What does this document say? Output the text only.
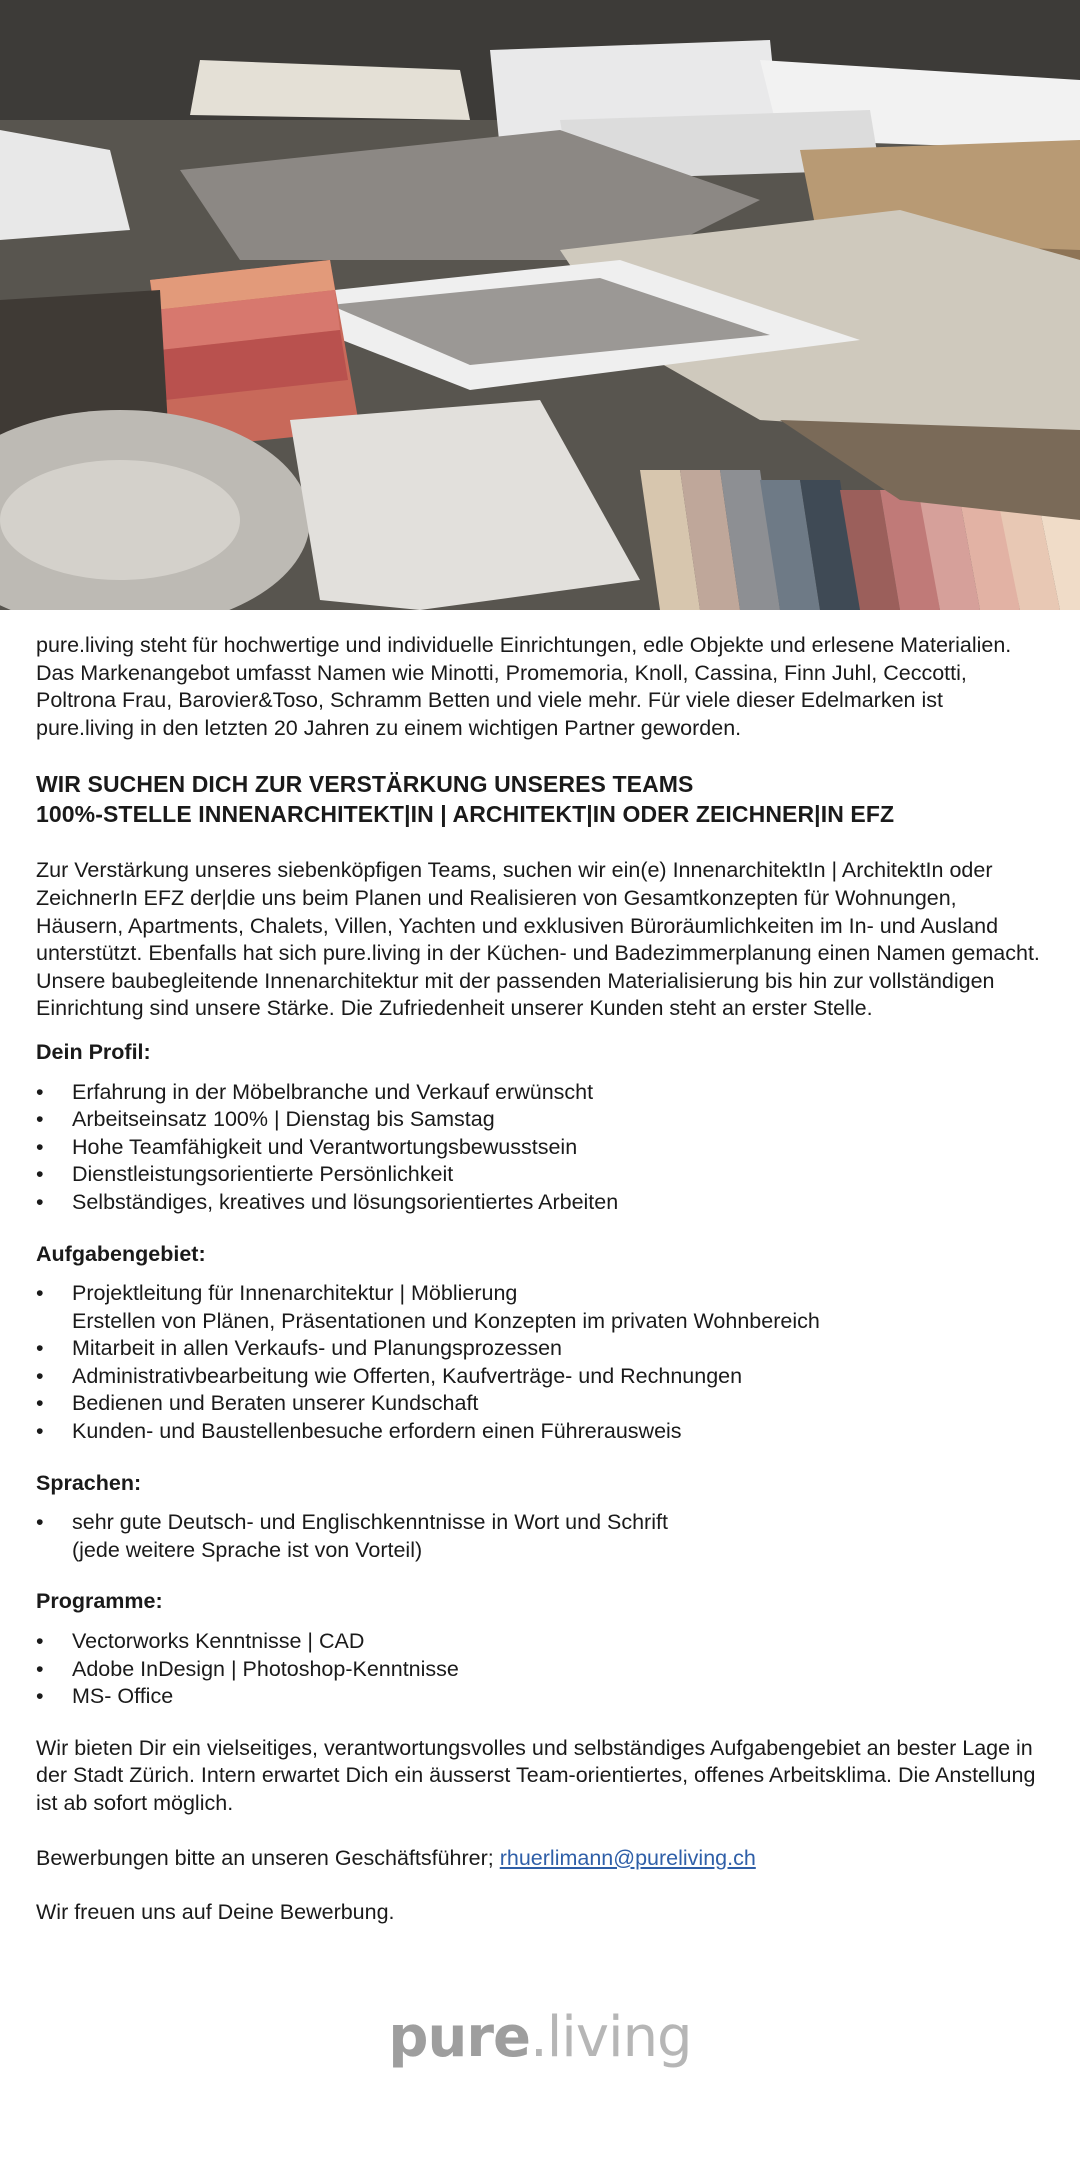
pure.living steht für hochwertige und individuelle Einrichtungen, edle Objekte und erlesene Materialien. Das Markenangebot umfasst Namen wie Minotti, Promemoria, Knoll, Cassina, Finn Juhl, Ceccotti, Poltrona Frau, Barovier&Toso, Schramm Betten und viele mehr. Für viele dieser Edelmarken ist pure.living in den letzten 20 Jahren zu einem wichtigen Partner geworden.

WIR SUCHEN DICH ZUR VERSTÄRKUNG UNSERES TEAMS
100%-STELLE INNENARCHITEKT|IN | ARCHITEKT|IN ODER ZEICHNER|IN EFZ

Zur Verstärkung unseres siebenköpfigen Teams, suchen wir ein(e) InnenarchitektIn | ArchitektIn oder ZeichnerIn EFZ der|die uns beim Planen und Realisieren von Gesamtkonzepten für Wohnungen, Häusern, Apartments, Chalets, Villen, Yachten und exklusiven Büroräumlichkeiten im In- und Ausland unterstützt. Ebenfalls hat sich pure.living in der Küchen- und Badezimmerplanung einen Namen gemacht.

Unsere baubegleitende Innenarchitektur mit der passenden Materialisierung bis hin zur vollständigen Einrichtung sind unsere Stärke. Die Zufriedenheit unserer Kunden steht an erster Stelle.

Dein Profil:
• Erfahrung in der Möbelbranche und Verkauf erwünscht
• Arbeitseinsatz 100% | Dienstag bis Samstag
• Hohe Teamfähigkeit und Verantwortungsbewusstsein
• Dienstleistungsorientierte Persönlichkeit
• Selbständiges, kreatives und lösungsorientiertes Arbeiten
Aufgabengebiet:
• Projektleitung für Innenarchitektur | Möblierung
Erstellen von Plänen, Präsentationen und Konzepten im privaten Wohnbereich
• Mitarbeit in allen Verkaufs- und Planungsprozessen
• Administrativbearbeitung wie Offerten, Kaufverträge- und Rechnungen
• Bedienen und Beraten unserer Kundschaft
• Kunden- und Baustellenbesuche erfordern einen Führerausweis
Sprachen:
• sehr gute Deutsch- und Englischkenntnisse in Wort und Schrift
(jede weitere Sprache ist von Vorteil)
Programme:
• Vectorworks Kenntnisse | CAD
• Adobe InDesign | Photoshop-Kenntnisse
• MS- Office

Wir bieten Dir ein vielseitiges, verantwortungsvolles und selbständiges Aufgabengebiet an bester Lage in der Stadt Zürich. Intern erwartet Dich ein äusserst Team-orientiertes, offenes Arbeitsklima. Die Anstellung ist ab sofort möglich.

Bewerbungen bitte an unseren Geschäftsführer; rhuerlimann@pureliving.ch

Wir freuen uns auf Deine Bewerbung.

pure.living
